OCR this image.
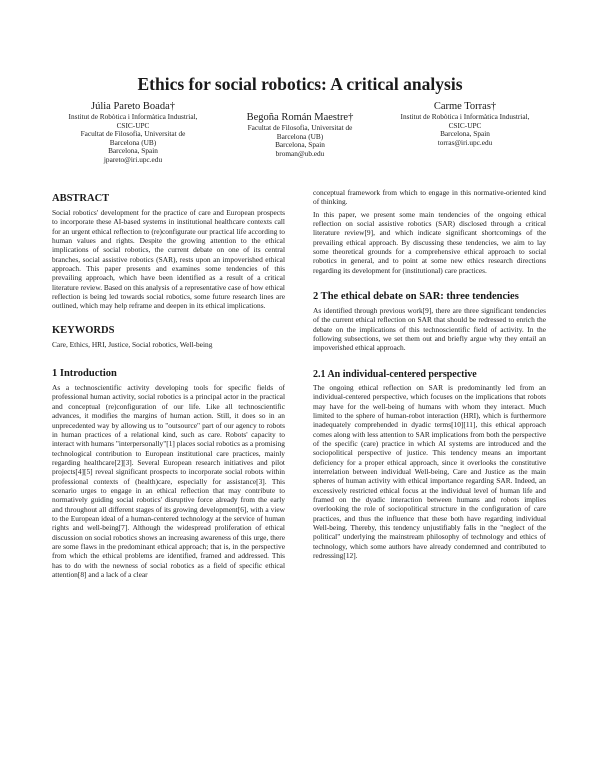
Ethics for social robotics: A critical analysis
Júlia Pareto Boada†
Institut de Robòtica i Informàtica Industrial,
CSIC-UPC
Facultat de Filosofia, Universitat de
Barcelona (UB)
Barcelona, Spain
jpareto@iri.upc.edu
Begoña Román Maestre†
Facultat de Filosofia, Universitat de
Barcelona (UB)
Barcelona, Spain
broman@ub.edu
Carme Torras†
Institut de Robòtica i Informàtica Industrial,
CSIC-UPC
Barcelona, Spain
torras@iri.upc.edu
ABSTRACT

Social robotics' development for the practice of care and European prospects to incorporate these AI-based systems in institutional healthcare contexts call for an urgent ethical reflection to (re)configurate our practical life according to human values and rights. Despite the growing attention to the ethical implications of social robotics, the current debate on one of its central branches, social assistive robotics (SAR), rests upon an impoverished ethical approach. This paper presents and examines some tendencies of this prevailing approach, which have been identified as a result of a critical literature review. Based on this analysis of a representative case of how ethical reflection is being led towards social robotics, some future research lines are outlined, which may help reframe and deepen in its ethical implications.

KEYWORDS

Care, Ethics, HRI, Justice, Social robotics, Well-being

1 Introduction

As a technoscientific activity developing tools for specific fields of professional human activity, social robotics is a principal actor in the practical and conceptual (re)configuration of our life. Like all technoscientific advances, it modifies the margins of human action. Still, it does so in an unprecedented way by allowing us to "outsource" part of our agency to robots in human practices of a relational kind, such as care. Robots' capacity to interact with humans "interpersonally"[1] places social robotics as a promising technological contribution to European institutional care practices, mainly regarding healthcare[2][3]. Several European research initiatives and pilot projects[4][5] reveal significant prospects to incorporate social robots within professional contexts of (health)care, especially for assistance[3]. This scenario urges to engage in an ethical reflection that may contribute to normatively guiding social robotics' disruptive force already from the early and throughout all different stages of its growing development[6], with a view to the European ideal of a human-centered technology at the service of human rights and well-being[7]. Although the widespread proliferation of ethical discussion on social robotics shows an increasing awareness of this urge, there are some flaws in the predominant ethical approach; that is, in the perspective from which the ethical problems are identified, framed and addressed. This has to do with the newness of social robotics as a field of specific ethical attention[8] and a lack of a clear

conceptual framework from which to engage in this normative-oriented kind of thinking.

In this paper, we present some main tendencies of the ongoing ethical reflection on social assistive robotics (SAR) disclosed through a critical literature review[9], and which indicate significant shortcomings of the prevailing ethical approach. By discussing these tendencies, we aim to lay some theoretical grounds for a comprehensive ethical approach to social robotics in general, and to point at some new ethics research directions regarding its development for (institutional) care practices.

2 The ethical debate on SAR: three tendencies

As identified through previous work[9], there are three significant tendencies of the current ethical reflection on SAR that should be redressed to enrich the debate on the implications of this technoscientific field of activity. In the following subsections, we set them out and briefly argue why they entail an impoverished ethical approach.

2.1 An individual-centered perspective

The ongoing ethical reflection on SAR is predominantly led from an individual-centered perspective, which focuses on the implications that robots may have for the well-being of humans with whom they interact. Much limited to the sphere of human-robot interaction (HRI), which is furthermore inadequately comprehended in dyadic terms[10][11], this ethical approach comes along with less attention to SAR implications from both the perspective of the specific (care) practice in which AI systems are introduced and the sociopolitical perspective of justice. This tendency means an important deficiency for a proper ethical approach, since it overlooks the constitutive interrelation between individual Well-being, Care and Justice as the main spheres of human activity with ethical importance regarding SAR. Indeed, an excessively restricted ethical focus at the individual level of human life and framed on the dyadic interaction between humans and robots implies overlooking the role of sociopolitical structure in the configuration of care practices, and thus the influence that these both have regarding individual Well-being. Thereby, this tendency unjustifiably falls in the "neglect of the political" underlying the mainstream philosophy of technology and ethics of technology, which some authors have already condemned and contributed to redressing[12].
